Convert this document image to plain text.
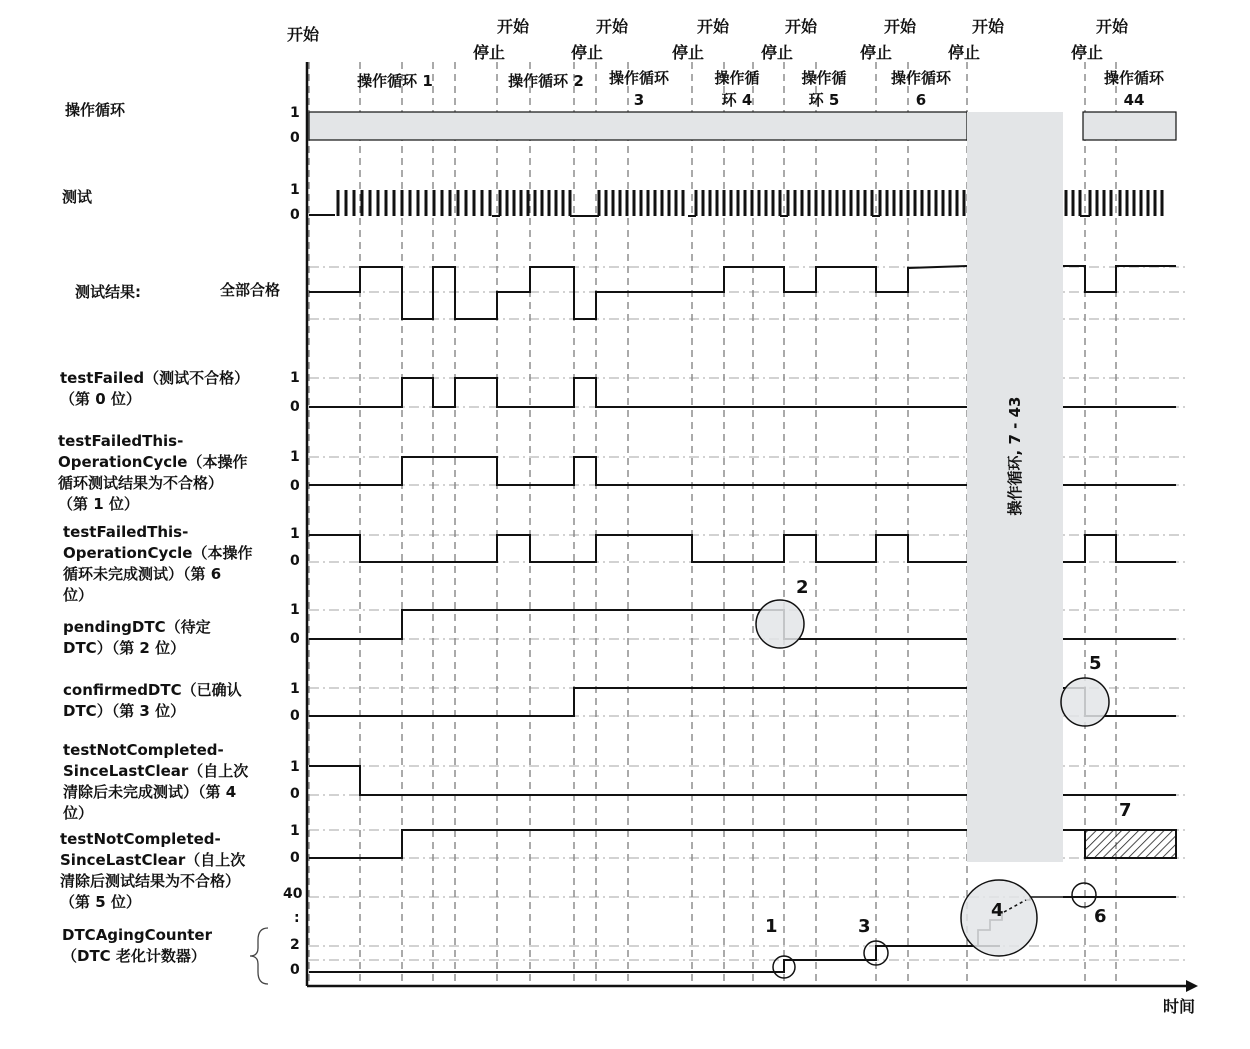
开始	开始
停止
开始
停止
开始
停止
开始
停止
开始
停止
开始
停止
开始
停止
操作循环 1	操作循环 2	操作循环
3
操作循
环 4
操作循
环 5
操作循环
6
操作循环
44
操作循环, 7 - 43
操作循环
测试
测试结果:	全部合格
testFailed（测试不合格）
（第 0 位）
testFailedThis-
OperationCycle（本操作
循环测试结果为不合格）
（第 1 位）
testFailedThis-
OperationCycle（本操作
循环未完成测试）（第 6
位）
pendingDTC（待定
DTC）（第 2 位）
confirmedDTC（已确认
DTC）（第 3 位）
testNotCompleted-
SinceLastClear（自上次
清除后未完成测试）（第 4
位）
testNotCompleted-
SinceLastClear（自上次
清除后测试结果为不合格）
（第 5 位）
DTCAgingCounter
（DTC 老化计数器）
1
0
1
0
1
0
1
0
1
0
1
0
1
0
1
0
1
0
40
:
2
0
1
2
3
4
5
6
7
时间
